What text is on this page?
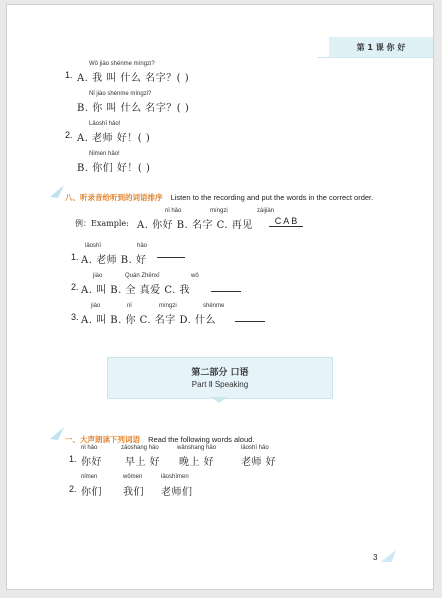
第 1 课 你 好
Wǒ jiào shénme míngzi?
1. A. 我 叫 什么 名字？( )
Nǐ jiào shénme míngzi?
B. 你 叫 什么 名字？( )
Lǎoshī hǎo!
2. A. 老师 好！( )
Nǐmen hǎo!
B. 你们 好！( )
八、听录音给听到的词语排序 Listen to the recording and put the words in the correct order.
nǐ hǎo	míngzi	zàijiàn
例：Example: A. 你好 B. 名字 C. 再见	C A B
lǎoshī	hǎo
1. A. 老师 B. 好
jiào	Quán Zhēnxī	wǒ
2. A. 叫 B. 全 真爱 C. 我
jiào	nǐ	míngzi	shénme
3. A. 叫 B. 你 C. 名字 D. 什么
第二部分 口语
Part Ⅱ Speaking
一、大声朗读下列词语 Read the following words aloud.
nǐ hǎo	zǎoshang hǎo	wǎnshang hǎo	lǎoshī hǎo
1. 你好 早上 好 晚上 好	老师 好
nǐmen	wǒmen	lǎoshīmen
2. 你们 我们 老师们
3
